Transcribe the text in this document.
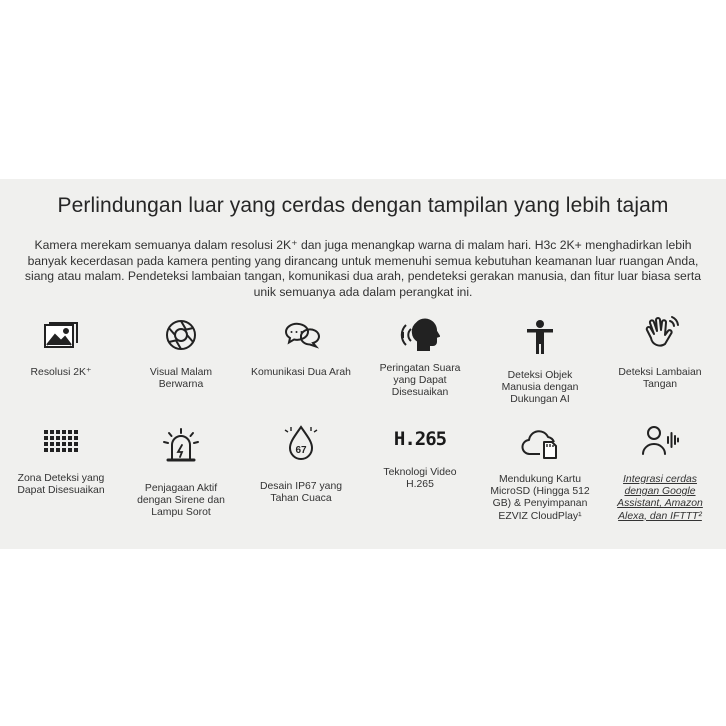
Perlindungan luar yang cerdas dengan tampilan yang lebih tajam

Kamera merekam semuanya dalam resolusi 2K⁺ dan juga menangkap warna di malam hari. H3c 2K+ menghadirkan lebih banyak kecerdasan pada kamera penting yang dirancang untuk memenuhi semua kebutuhan keamanan luar ruangan Anda, siang atau malam. Pendeteksi lambaian tangan, komunikasi dua arah, pendeteksi gerakan manusia, dan fitur luar biasa serta unik semuanya ada dalam perangkat ini.

Resolusi 2K⁺	Visual Malam Berwarna
Komunikasi Dua Arah	Peringatan Suara yang Dapat Disesuaikan
Deteksi Objek Manusia dengan Dukungan AI
Deteksi Lambaian Tangan
Zona Deteksi yang Dapat Disesuaikan	Penjagaan Aktif dengan Sirene dan Lampu Sorot
67
Desain IP67 yang Tahan Cuaca
H.265
Teknologi Video H.265	Mendukung Kartu MicroSD (Hingga 512 GB) & Penyimpanan EZVIZ CloudPlay¹
Integrasi cerdas dengan Google Assistant, Amazon Alexa, dan IFTTT²
